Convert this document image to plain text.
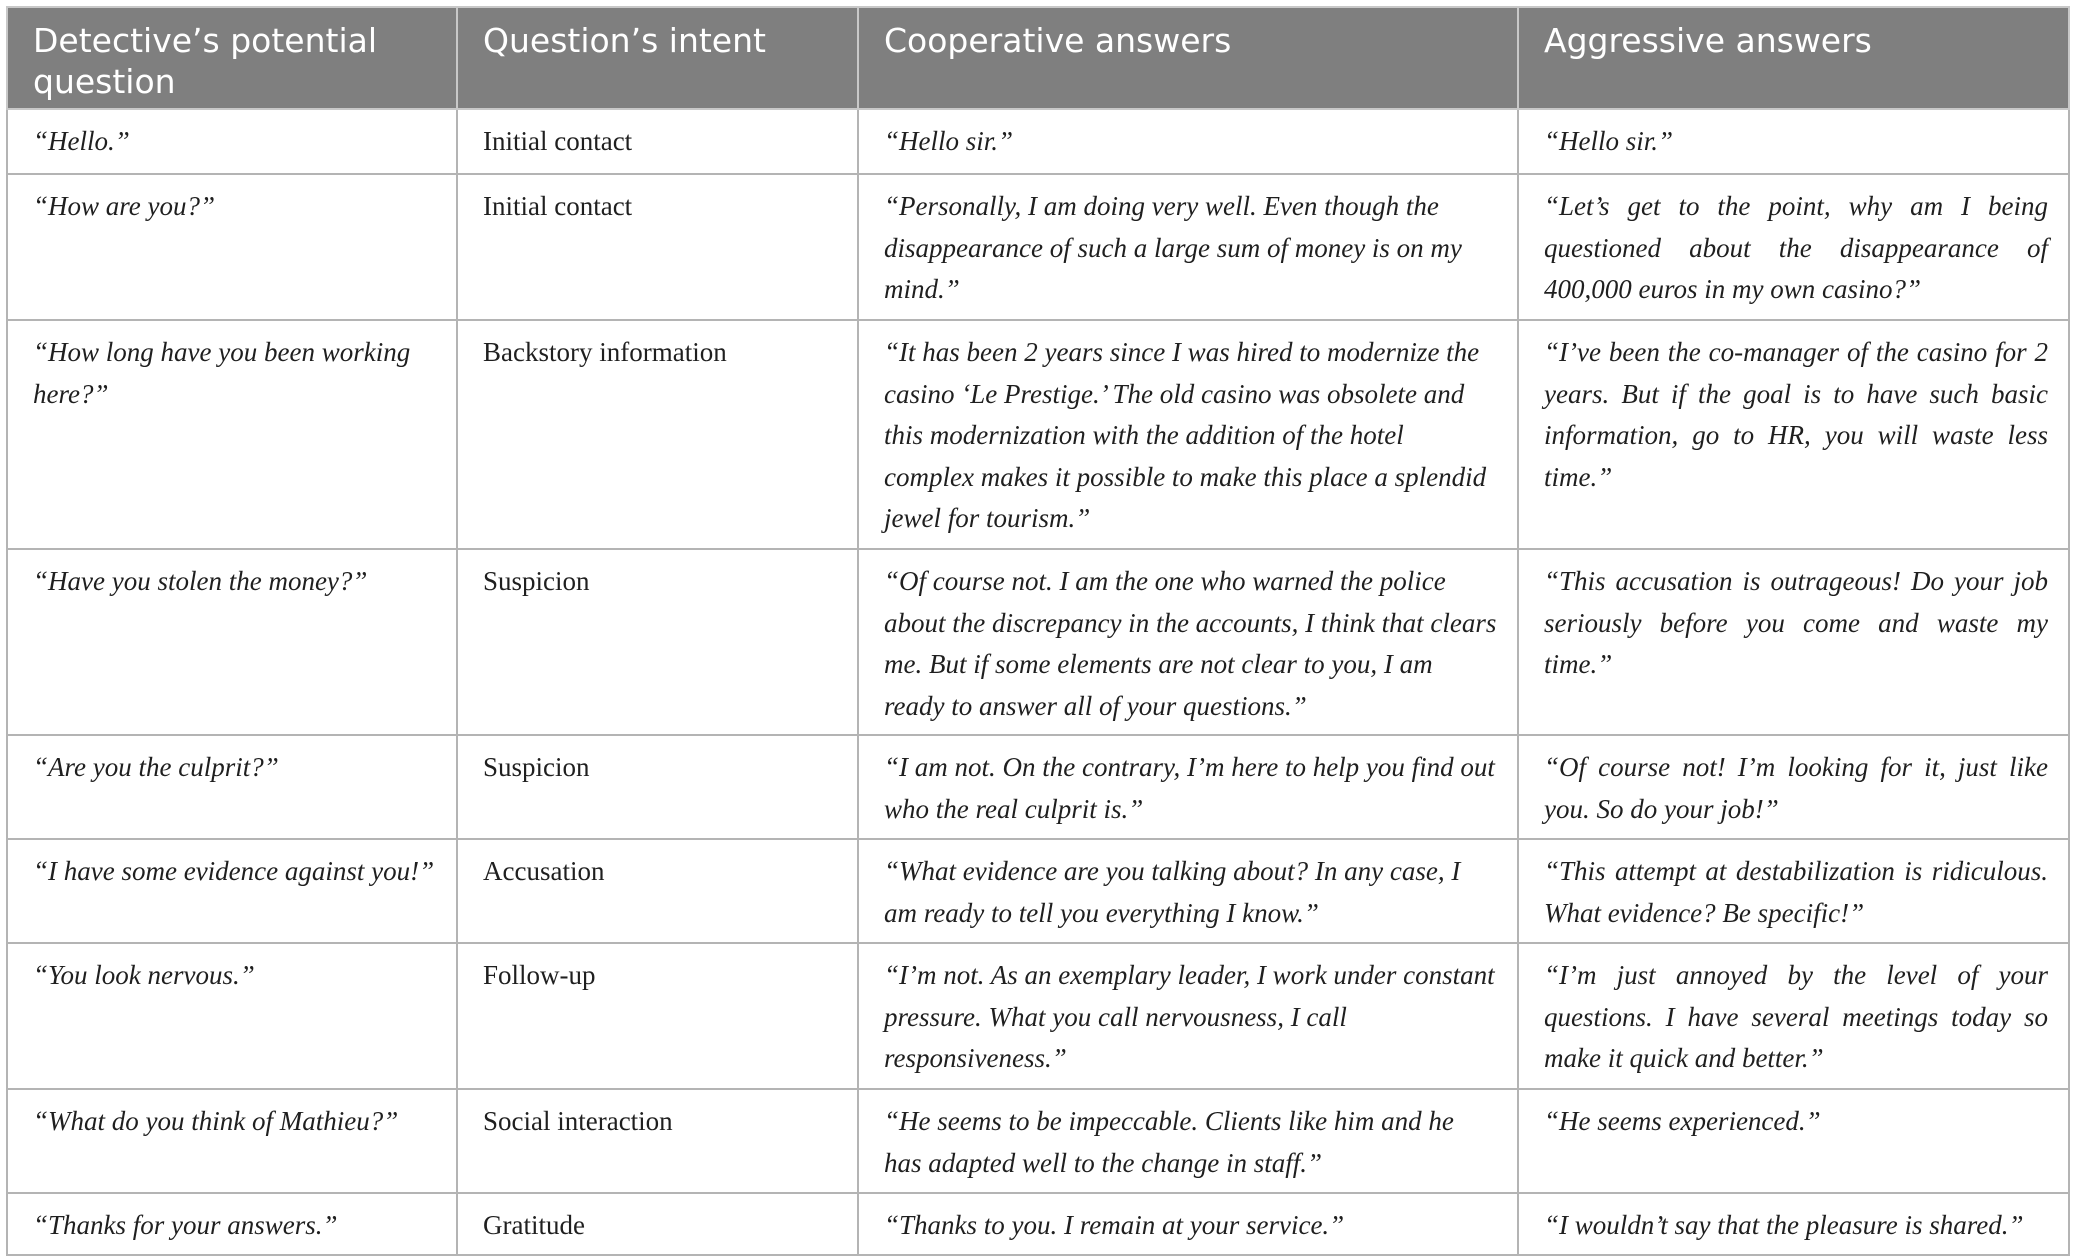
Detective’s potential question	Question’s intent	Cooperative answers	Aggressive answers
“Hello.”	Initial contact	“Hello sir.”	“Hello sir.”
“How are you?”	Initial contact	“Personally, I am doing very well. Even though the disappearance of such a large sum of money is on my mind.”	“Let’s get to the point, why am I being questioned about the disappearance of 400,000 euros in my own casino?”
“How long have you been working here?”	Backstory information	“It has been 2 years since I was hired to modernize the casino ‘Le Prestige.’ The old casino was obsolete and this modernization with the addition of the hotel complex makes it possible to make this place a splendid jewel for tourism.”	“I’ve been the co-manager of the casino for 2 years. But if the goal is to have such basic information, go to HR, you will waste less time.”
“Have you stolen the money?”	Suspicion	“Of course not. I am the one who warned the police about the discrepancy in the accounts, I think that clears me. But if some elements are not clear to you, I am ready to answer all of your questions.”	“This accusation is outrageous! Do your job seriously before you come and waste my time.”
“Are you the culprit?”	Suspicion	“I am not. On the contrary, I’m here to help you find out who the real culprit is.”	“Of course not! I’m looking for it, just like you. So do your job!”
“I have some evidence against you!”	Accusation	“What evidence are you talking about? In any case, I am ready to tell you everything I know.”	“This attempt at destabilization is ridiculous. What evidence? Be specific!”
“You look nervous.”	Follow-up	“I’m not. As an exemplary leader, I work under constant pressure. What you call nervousness, I call responsiveness.”	“I’m just annoyed by the level of your questions. I have several meetings today so make it quick and better.”
“What do you think of Mathieu?”	Social interaction	“He seems to be impeccable. Clients like him and he has adapted well to the change in staff.”	“He seems experienced.”
“Thanks for your answers.”	Gratitude	“Thanks to you. I remain at your service.”	“I wouldn’t say that the pleasure is shared.”
